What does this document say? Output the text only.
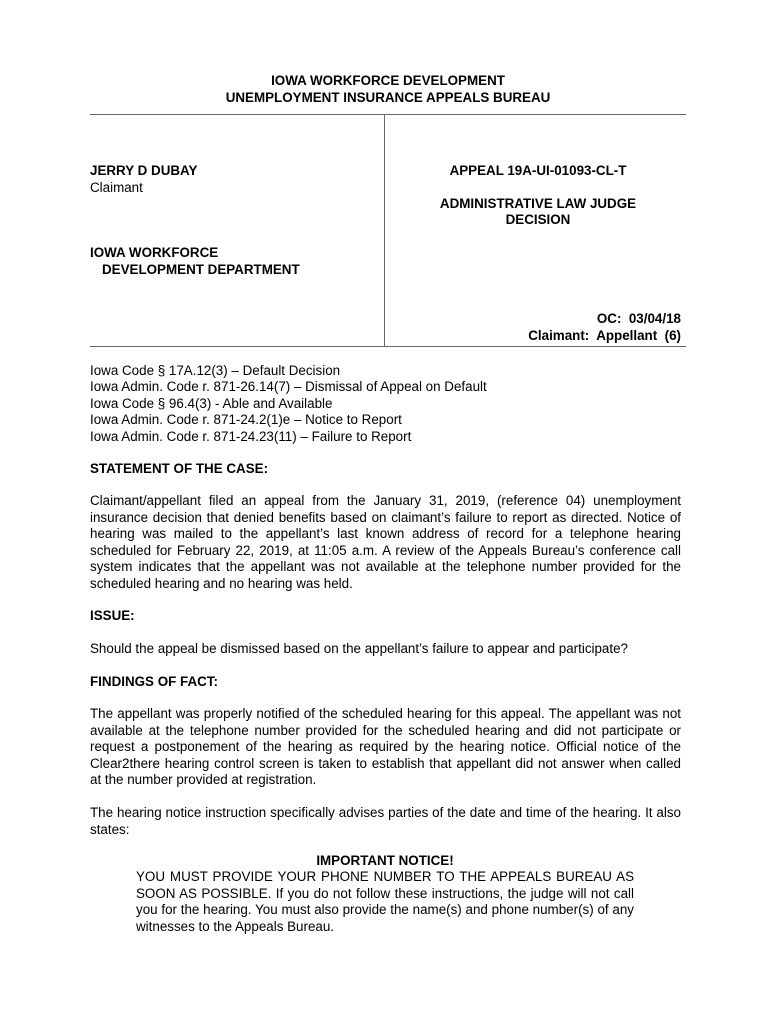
IOWA WORKFORCE DEVELOPMENT
UNEMPLOYMENT INSURANCE APPEALS BUREAU
JERRY D DUBAY
Claimant
IOWA WORKFORCE
DEVELOPMENT DEPARTMENT
APPEAL 19A-UI-01093-CL-T
ADMINISTRATIVE LAW JUDGE
DECISION
OC:  03/04/18
Claimant:  Appellant  (6)
Iowa Code § 17A.12(3) – Default Decision
Iowa Admin. Code r. 871-26.14(7) – Dismissal of Appeal on Default
Iowa Code § 96.4(3) - Able and Available
Iowa Admin. Code r. 871-24.2(1)e – Notice to Report
Iowa Admin. Code r. 871-24.23(11) – Failure to Report
STATEMENT OF THE CASE:
Claimant/appellant filed an appeal from the January 31, 2019, (reference 04) unemployment insurance decision that denied benefits based on claimant’s failure to report as directed. Notice of hearing was mailed to the appellant’s last known address of record for a telephone hearing scheduled for February 22, 2019, at 11:05 a.m. A review of the Appeals Bureau’s conference call system indicates that the appellant was not available at the telephone number provided for the scheduled hearing and no hearing was held.
ISSUE:
Should the appeal be dismissed based on the appellant’s failure to appear and participate?
FINDINGS OF FACT:
The appellant was properly notified of the scheduled hearing for this appeal. The appellant was not available at the telephone number provided for the scheduled hearing and did not participate or request a postponement of the hearing as required by the hearing notice. Official notice of the Clear2there hearing control screen is taken to establish that appellant did not answer when called at the number provided at registration.
The hearing notice instruction specifically advises parties of the date and time of the hearing. It also states:
IMPORTANT NOTICE!
YOU MUST PROVIDE YOUR PHONE NUMBER TO THE APPEALS BUREAU AS SOON AS POSSIBLE. If you do not follow these instructions, the judge will not call you for the hearing. You must also provide the name(s) and phone number(s) of any witnesses to the Appeals Bureau.
